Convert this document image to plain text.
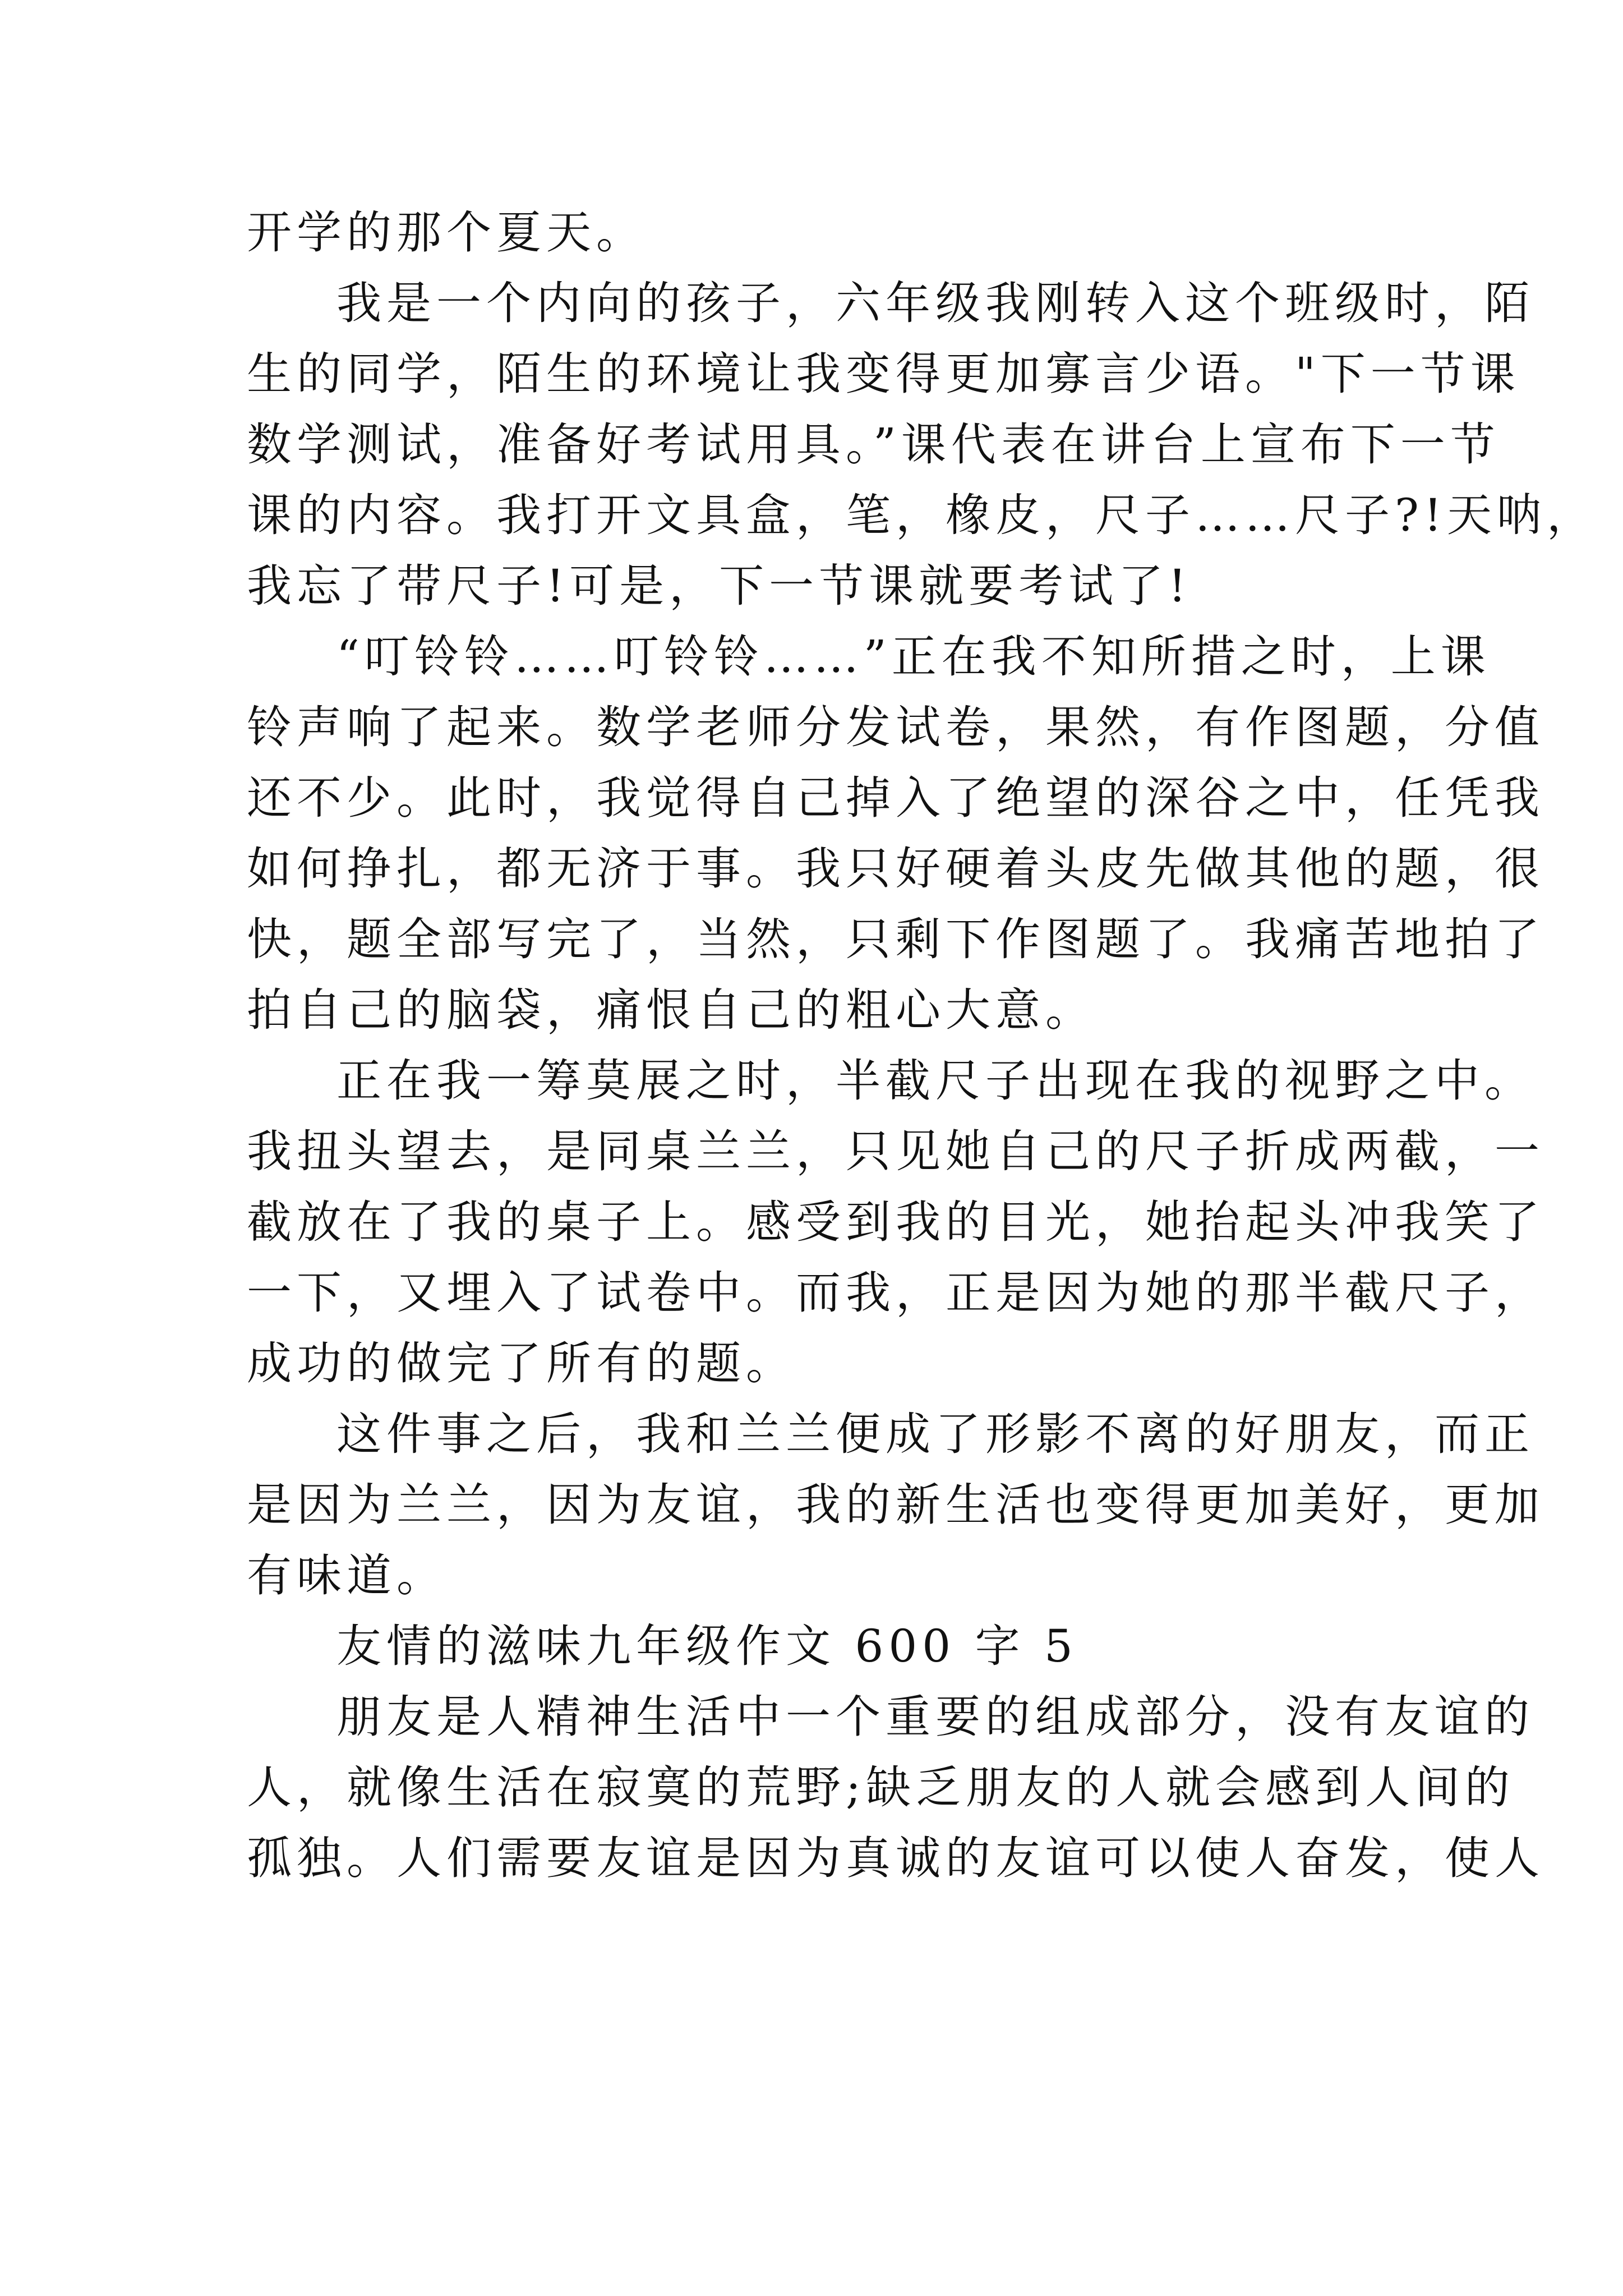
开学的那个夏天。
我是一个内向的孩子，六年级我刚转入这个班级时，陌
生的同学，陌生的环境让我变得更加寡言少语。"下一节课
数学测试，准备好考试用具。”课代表在讲台上宣布下一节
课的内容。我打开文具盒，笔，橡皮，尺子……尺子?!天呐，
我忘了带尺子!可是，下一节课就要考试了!
“叮铃铃……叮铃铃……”正在我不知所措之时，上课
铃声响了起来。数学老师分发试卷，果然，有作图题，分值
还不少。此时，我觉得自己掉入了绝望的深谷之中，任凭我
如何挣扎，都无济于事。我只好硬着头皮先做其他的题，很
快，题全部写完了，当然，只剩下作图题了。我痛苦地拍了
拍自己的脑袋，痛恨自己的粗心大意。
正在我一筹莫展之时，半截尺子出现在我的视野之中。
我扭头望去，是同桌兰兰，只见她自己的尺子折成两截，一
截放在了我的桌子上。感受到我的目光，她抬起头冲我笑了
一下，又埋入了试卷中。而我，正是因为她的那半截尺子，
成功的做完了所有的题。
这件事之后，我和兰兰便成了形影不离的好朋友，而正
是因为兰兰，因为友谊，我的新生活也变得更加美好，更加
有味道。
友情的滋味九年级作文 600 字 5
朋友是人精神生活中一个重要的组成部分，没有友谊的
人，就像生活在寂寞的荒野;缺乏朋友的人就会感到人间的
孤独。人们需要友谊是因为真诚的友谊可以使人奋发，使人
